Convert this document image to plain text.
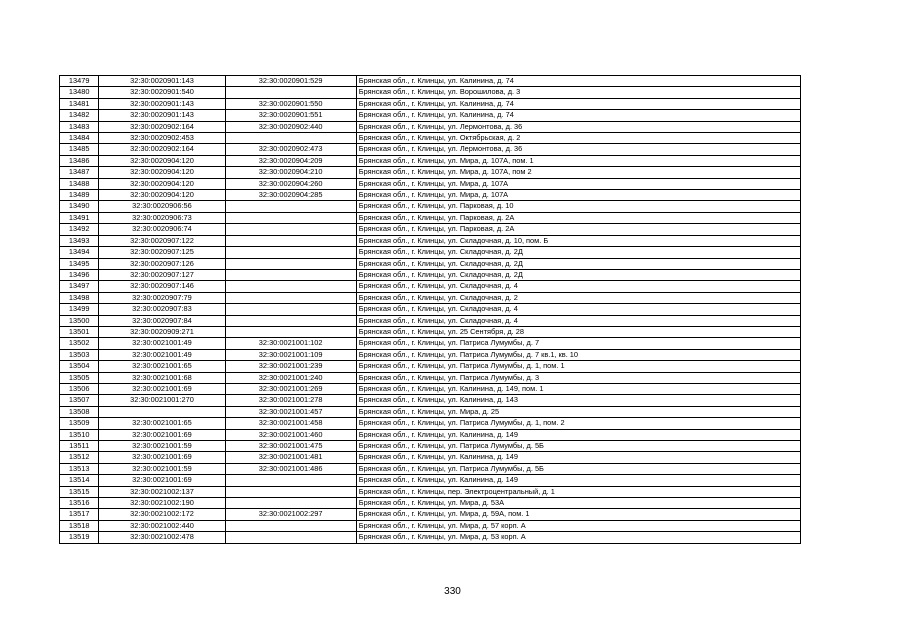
13479	32:30:0020901:143	32:30:0020901:529	Брянская обл., г. Клинцы, ул. Калинина, д. 74
13480	32:30:0020901:540		Брянская обл., г. Клинцы, ул. Ворошилова, д. 3
13481	32:30:0020901:143	32:30:0020901:550	Брянская обл., г. Клинцы, ул. Калинина, д. 74
13482	32:30:0020901:143	32:30:0020901:551	Брянская обл., г. Клинцы, ул. Калинина, д. 74
13483	32:30:0020902:164	32:30:0020902:440	Брянская обл., г. Клинцы, ул. Лермонтова, д. 36
13484	32:30:0020902:453		Брянская обл., г. Клинцы, ул. Октябрьская, д. 2
13485	32:30:0020902:164	32:30:0020902:473	Брянская обл., г. Клинцы, ул. Лермонтова, д. 36
13486	32:30:0020904:120	32:30:0020904:209	Брянская обл., г. Клинцы, ул. Мира, д. 107А, пом. 1
13487	32:30:0020904:120	32:30:0020904:210	Брянская обл., г. Клинцы, ул. Мира, д. 107А, пом 2
13488	32:30:0020904:120	32:30:0020904:260	Брянская обл., г. Клинцы, ул. Мира, д. 107А
13489	32:30:0020904:120	32:30:0020904:285	Брянская обл., г. Клинцы, ул. Мира, д. 107А
13490	32:30:0020906:56		Брянская обл., г. Клинцы, ул. Парковая, д. 10
13491	32:30:0020906:73		Брянская обл., г. Клинцы, ул. Парковая, д. 2А
13492	32:30:0020906:74		Брянская обл., г. Клинцы, ул. Парковая, д. 2А
13493	32:30:0020907:122		Брянская обл., г. Клинцы, ул. Складочная, д. 10, пом. Б
13494	32:30:0020907:125		Брянская обл., г. Клинцы, ул. Складочная, д. 2Д
13495	32:30:0020907:126		Брянская обл., г. Клинцы, ул. Складочная, д. 2Д
13496	32:30:0020907:127		Брянская обл., г. Клинцы, ул. Складочная, д. 2Д
13497	32:30:0020907:146		Брянская обл., г. Клинцы, ул. Складочная, д. 4
13498	32:30:0020907:79		Брянская обл., г. Клинцы, ул. Складочная, д. 2
13499	32:30:0020907:83		Брянская обл., г. Клинцы, ул. Складочная, д. 4
13500	32:30:0020907:84		Брянская обл., г. Клинцы, ул. Складочная, д. 4
13501	32:30:0020909:271		Брянская обл., г. Клинцы, ул. 25 Сентября, д. 28
13502	32:30:0021001:49	32:30:0021001:102	Брянская обл., г. Клинцы, ул. Патриса Лумумбы, д. 7
13503	32:30:0021001:49	32:30:0021001:109	Брянская обл., г. Клинцы, ул. Патриса Лумумбы, д. 7 кв.1, кв. 10
13504	32:30:0021001:65	32:30:0021001:239	Брянская обл., г. Клинцы, ул. Патриса Лумумбы, д. 1, пом. 1
13505	32:30:0021001:68	32:30:0021001:240	Брянская обл., г. Клинцы, ул. Патриса Лумумбы, д. 3
13506	32:30:0021001:69	32:30:0021001:269	Брянская обл., г. Клинцы, ул. Калинина, д. 149, пом. 1
13507	32:30:0021001:270	32:30:0021001:278	Брянская обл., г. Клинцы, ул. Калинина, д. 143
13508		32:30:0021001:457	Брянская обл., г. Клинцы, ул. Мира, д. 25
13509	32:30:0021001:65	32:30:0021001:458	Брянская обл., г. Клинцы, ул. Патриса Лумумбы, д. 1, пом. 2
13510	32:30:0021001:69	32:30:0021001:460	Брянская обл., г. Клинцы, ул. Калинина, д. 149
13511	32:30:0021001:59	32:30:0021001:475	Брянская обл., г. Клинцы, ул. Патриса Лумумбы, д. 5Б
13512	32:30:0021001:69	32:30:0021001:481	Брянская обл., г. Клинцы, ул. Калинина, д. 149
13513	32:30:0021001:59	32:30:0021001:486	Брянская обл., г. Клинцы, ул. Патриса Лумумбы, д. 5Б
13514	32:30:0021001:69		Брянская обл., г. Клинцы, ул. Калинина, д. 149
13515	32:30:0021002:137		Брянская обл., г. Клинцы, пер. Электроцентральный, д. 1
13516	32:30:0021002:190		Брянская обл., г. Клинцы, ул. Мира, д. 53А
13517	32:30:0021002:172	32:30:0021002:297	Брянская обл., г. Клинцы, ул. Мира, д. 59А, пом. 1
13518	32:30:0021002:440		Брянская обл., г. Клинцы, ул. Мира, д. 57 корп. А
13519	32:30:0021002:478		Брянская обл., г. Клинцы, ул. Мира, д. 53 корп. А
330
